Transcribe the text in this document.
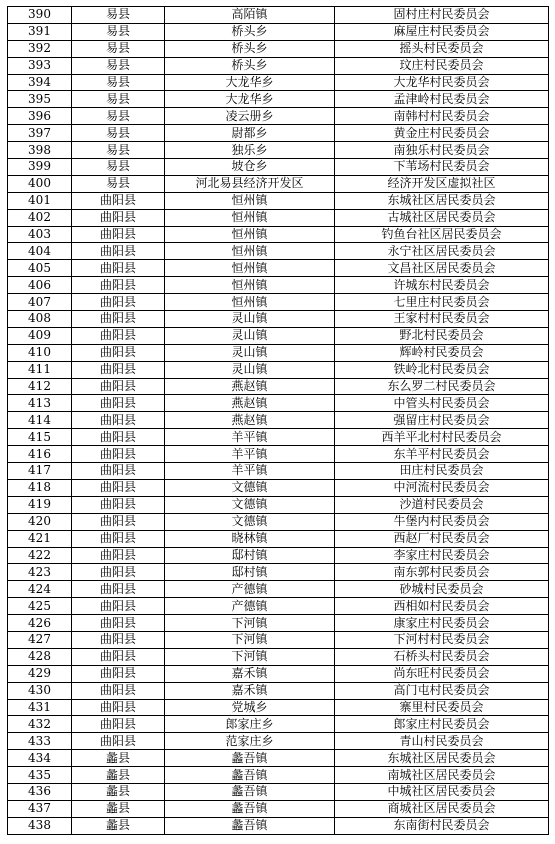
390	易县	高陌镇	固村庄村民委员会
391	易县	桥头乡	麻屋庄村民委员会
392	易县	桥头乡	摇头村民委员会
393	易县	桥头乡	玟庄村民委员会
394	易县	大龙华乡	大龙华村民委员会
395	易县	大龙华乡	孟津岭村民委员会
396	易县	凌云册乡	南韩村村民委员会
397	易县	尉都乡	黄金庄村民委员会
398	易县	独乐乡	南独乐村民委员会
399	易县	坡仓乡	下苇场村民委员会
400	易县	河北易县经济开发区	经济开发区虚拟社区
401	曲阳县	恒州镇	东城社区居民委员会
402	曲阳县	恒州镇	古城社区居民委员会
403	曲阳县	恒州镇	钓鱼台社区居民委员会
404	曲阳县	恒州镇	永宁社区居民委员会
405	曲阳县	恒州镇	文昌社区居民委员会
406	曲阳县	恒州镇	许城东村民委员会
407	曲阳县	恒州镇	七里庄村民委员会
408	曲阳县	灵山镇	王家村村民委员会
409	曲阳县	灵山镇	野北村民委员会
410	曲阳县	灵山镇	辉岭村民委员会
411	曲阳县	灵山镇	铁岭北村民委员会
412	曲阳县	燕赵镇	东么罗二村民委员会
413	曲阳县	燕赵镇	中管头村民委员会
414	曲阳县	燕赵镇	强留庄村民委员会
415	曲阳县	羊平镇	西羊平北村村民委员会
416	曲阳县	羊平镇	东羊平村民委员会
417	曲阳县	羊平镇	田庄村民委员会
418	曲阳县	文德镇	中河流村民委员会
419	曲阳县	文德镇	沙道村民委员会
420	曲阳县	文德镇	牛堡内村民委员会
421	曲阳县	晓林镇	西赵厂村民委员会
422	曲阳县	邸村镇	李家庄村民委员会
423	曲阳县	邸村镇	南东郭村民委员会
424	曲阳县	产德镇	砂城村民委员会
425	曲阳县	产德镇	西相如村民委员会
426	曲阳县	下河镇	康家庄村民委员会
427	曲阳县	下河镇	下河村村民委员会
428	曲阳县	下河镇	石桥头村民委员会
429	曲阳县	嘉禾镇	尚东旺村民委员会
430	曲阳县	嘉禾镇	高门屯村民委员会
431	曲阳县	党城乡	寨里村民委员会
432	曲阳县	郎家庄乡	郎家庄村民委员会
433	曲阳县	范家庄乡	青山村民委员会
434	蠡县	蠡吾镇	东城社区居民委员会
435	蠡县	蠡吾镇	南城社区居民委员会
436	蠡县	蠡吾镇	中城社区居民委员会
437	蠡县	蠡吾镇	商城社区居民委员会
438	蠡县	蠡吾镇	东南街村民委员会
